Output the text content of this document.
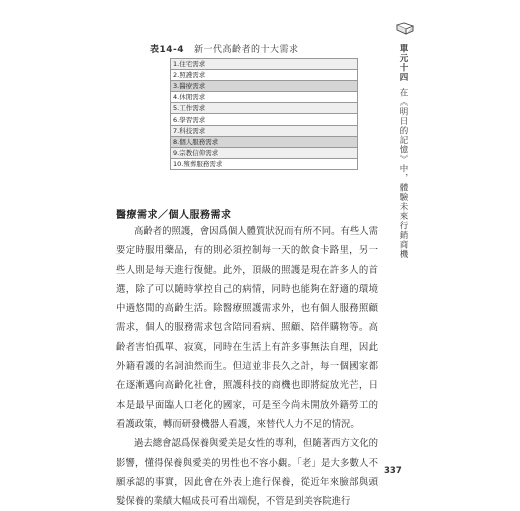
表14-4 新一代高齡者的十大需求
1.住宅需求
2.照護需求
3.醫療需求
4.休閒需求
5.工作需求
6.學習需求
7.科技需求
8.個人服務需求
9.宗教信仰需求
10.殯葬服務需求
醫療需求／個人服務需求

高齡者的照護，會因爲個人體質狀況而有所不同。有些人需要定時服用藥品，有的則必須控制每一天的飲食卡路里，另一些人則是每天進行復健。此外，頂級的照護是現在許多人的首選，除了可以隨時掌控自己的病情，同時也能夠在舒適的環境中過悠閒的高齡生活。除醫療照護需求外，也有個人服務照顧需求，個人的服務需求包含陪同看病、照顧、陪伴購物等。高齡者害怕孤單、寂寞，同時在生活上有許多事無法自理，因此外籍看護的名詞油然而生。但這並非長久之計，每一個國家都在逐漸邁向高齡化社會，照護科技的商機也即將綻放光芒，日本是最早面臨人口老化的國家，可是至今尚未開放外籍勞工的看護政策，轉而研發機器人看護，來替代人力不足的情況。

過去總會認爲保養與愛美是女性的專利，但隨著西方文化的影響，懂得保養與愛美的男性也不容小覷。「老」是大多數人不願承認的事實，因此會在外表上進行保養，從近年來臉部與頭髮保養的業績大幅成長可看出端倪，不管是到美容院進行

單元十四
在《明日的記憶》中，體驗未來行銷商機
337
